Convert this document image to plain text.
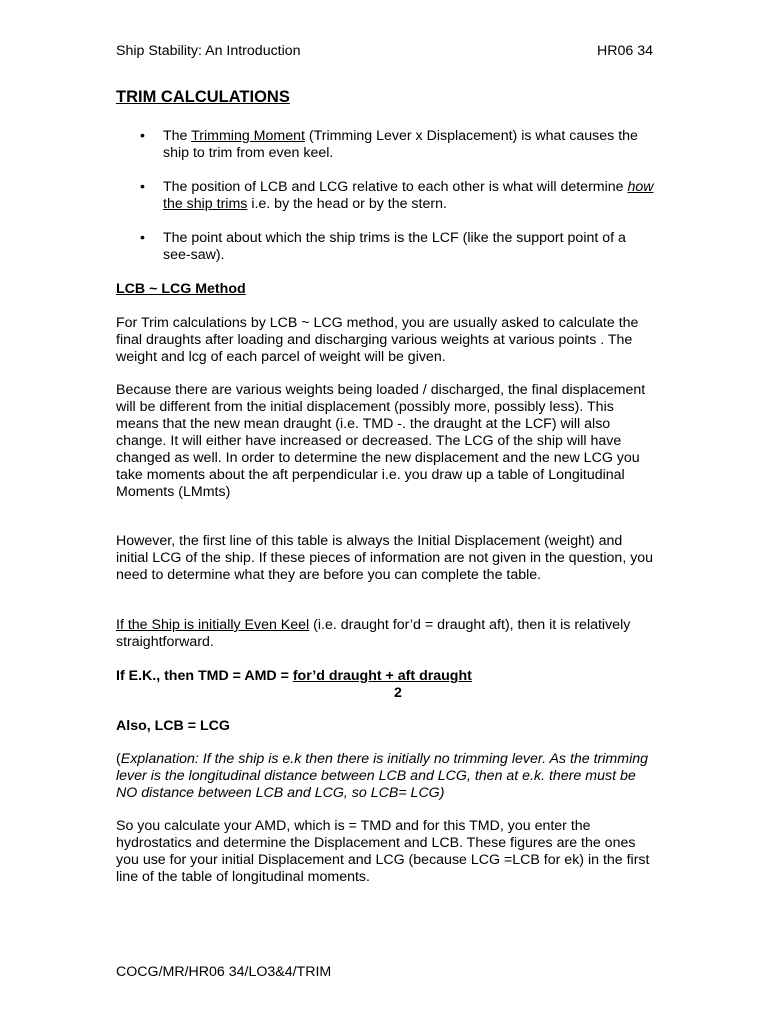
Ship Stability: An Introduction	HR06 34
TRIM CALCULATIONS
• The Trimming Moment (Trimming Lever x Displacement) is what causes the ship to trim from even keel.
• The position of LCB and LCG relative to each other is what will determine how the ship trims i.e. by the head or by the stern.
• The point about which the ship trims is the LCF (like the support point of a see-saw).
LCB ~ LCG Method
For Trim calculations by LCB ~ LCG method, you are usually asked to calculate the final draughts after loading and discharging various weights at various points . The weight and lcg of each parcel of weight will be given.
Because there are various weights being loaded / discharged, the final displacement will be different from the initial displacement (possibly more, possibly less). This means that the new mean draught (i.e. TMD -. the draught at the LCF) will also change. It will either have increased or decreased. The LCG of the ship will have changed as well. In order to determine the new displacement and the new LCG you take moments about the aft perpendicular i.e. you draw up a table of Longitudinal Moments (LMmts)
However, the first line of this table is always the Initial Displacement (weight) and initial LCG of the ship. If these pieces of information are not given in the question, you need to determine what they are before you can complete the table.
If the Ship is initially Even Keel (i.e. draught for’d = draught aft), then it is relatively straightforward.
If E.K., then TMD = AMD = for’d draught + aft draught
2
Also, LCB = LCG
(Explanation: If the ship is e.k then there is initially no trimming lever. As the trimming lever is the longitudinal distance between LCB and LCG, then at e.k. there must be NO distance between LCB and LCG, so LCB= LCG)
So you calculate your AMD, which is = TMD and for this TMD, you enter the hydrostatics and determine the Displacement and LCB. These figures are the ones you use for your initial Displacement and LCG (because LCG =LCB for ek) in the first line of the table of longitudinal moments.
COCG/MR/HR06 34/LO3&4/TRIM
